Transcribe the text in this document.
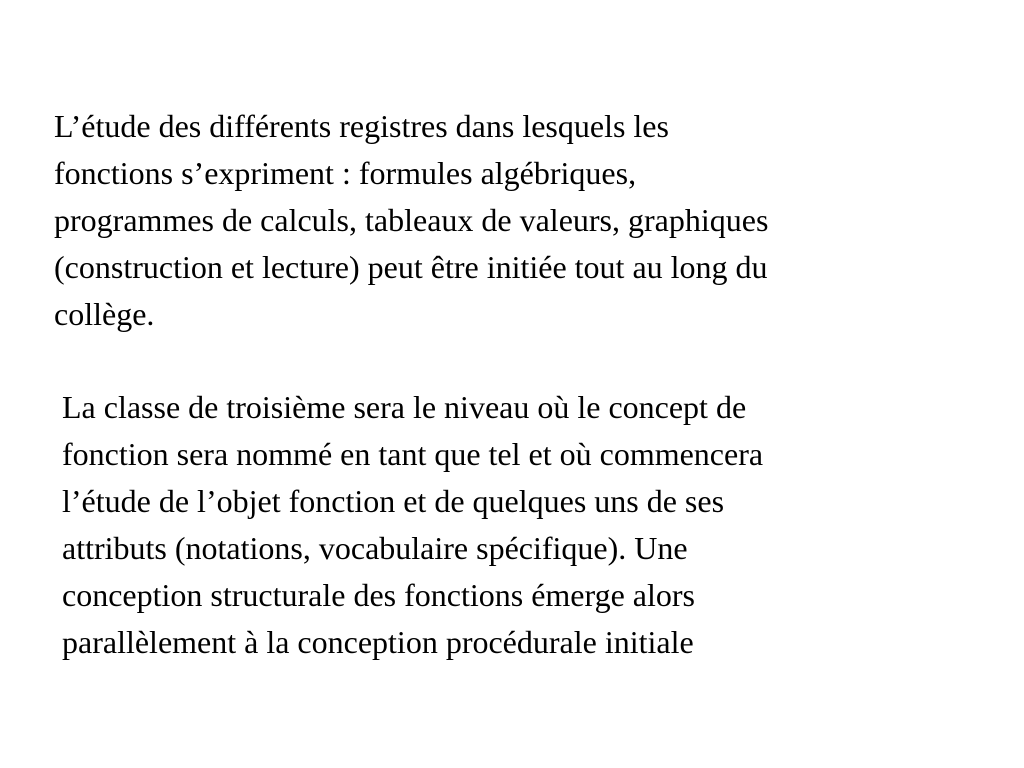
L’étude des différents registres dans lesquels les
fonctions s’expriment : formules algébriques,
programmes de calculs, tableaux de valeurs, graphiques
(construction et lecture) peut être initiée tout au long du
collège.

La classe de troisième sera le niveau où le concept de
fonction sera nommé en tant que tel et où commencera
l’étude de l’objet fonction et de quelques uns de ses
attributs (notations, vocabulaire spécifique). Une
conception structurale des fonctions émerge alors
parallèlement à la conception procédurale initiale
